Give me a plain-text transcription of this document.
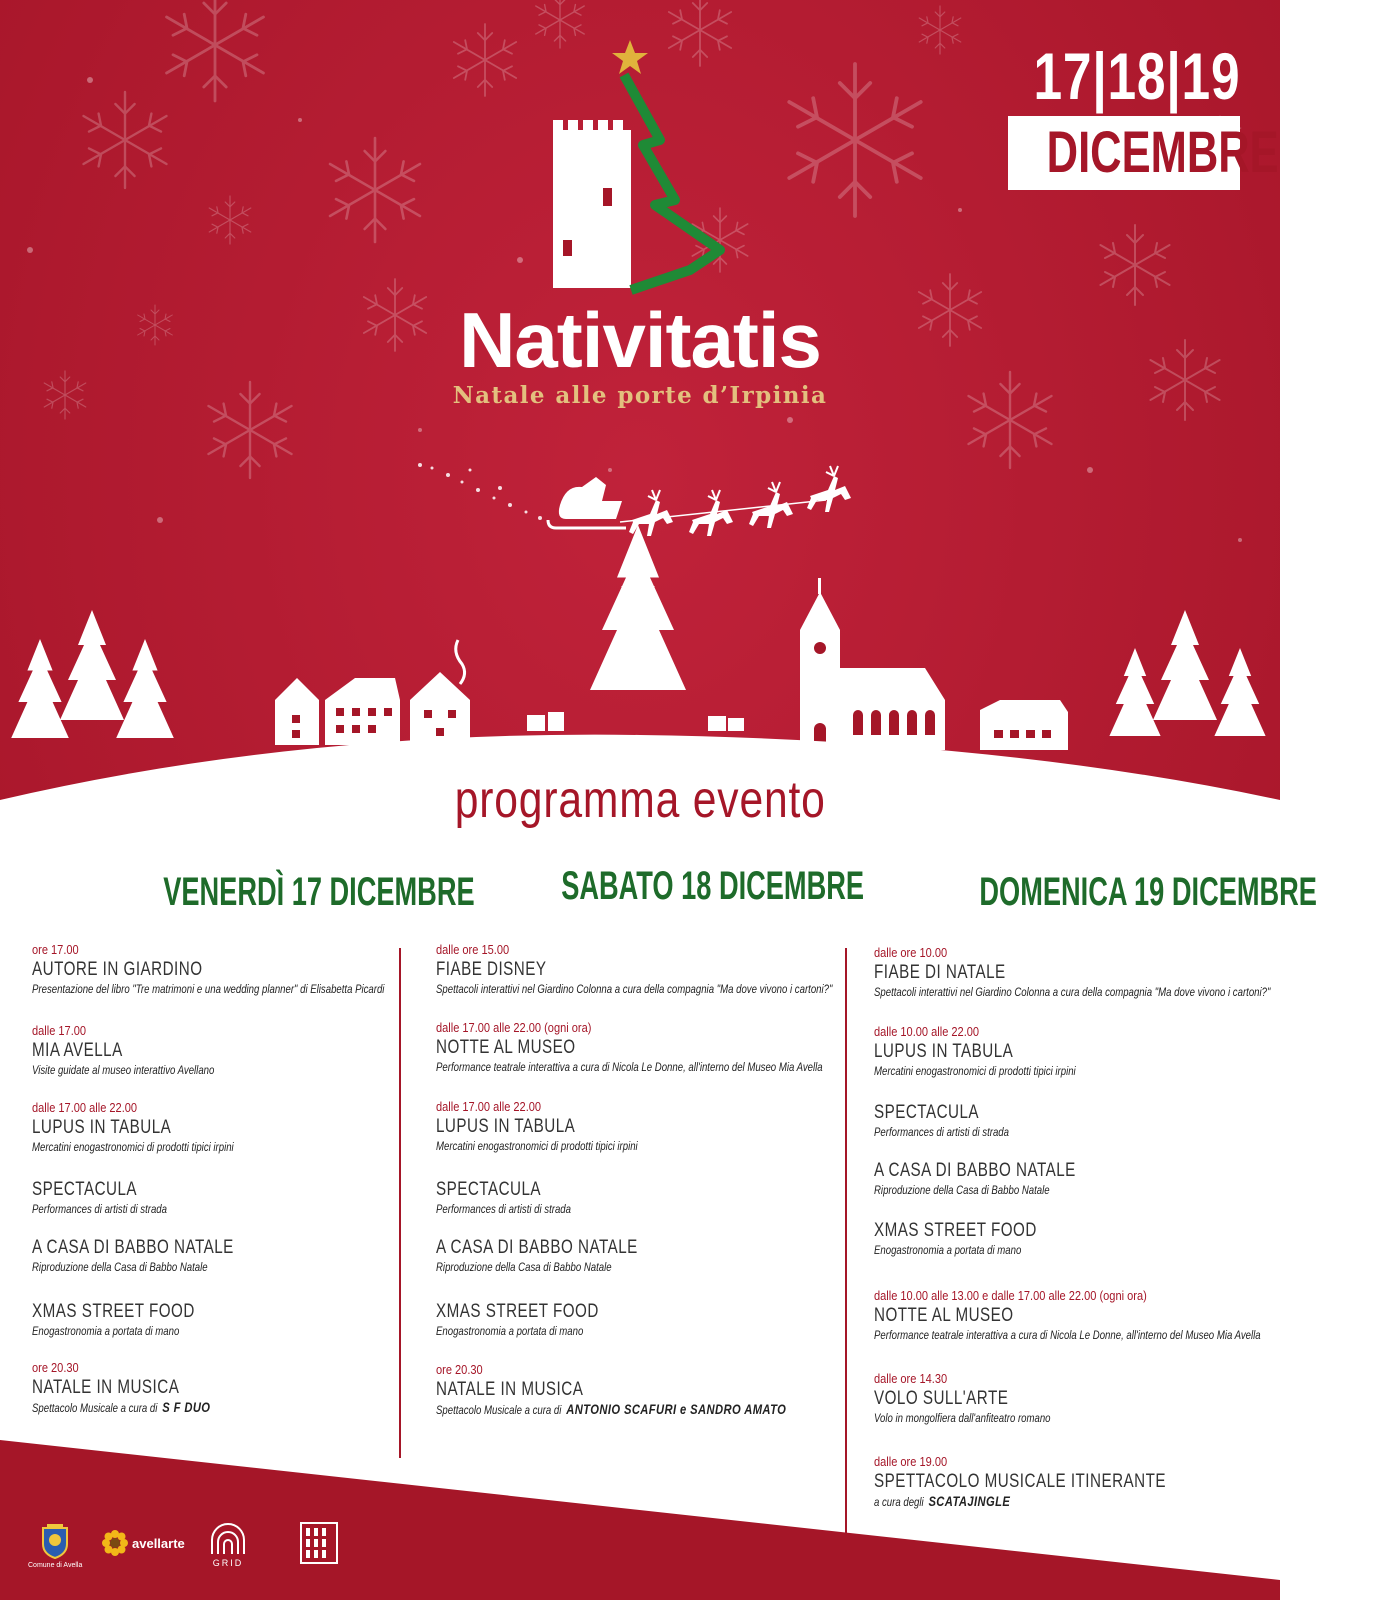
17|18|19
DICEMBRE
Nativitatis
Natale alle porte d’Irpinia
programma evento
VENERDÌ 17 DICEMBRE	SABATO 18 DICEMBRE	DOMENICA 19 DICEMBRE
ore 17.00
AUTORE IN GIARDINO
Presentazione del libro "Tre matrimoni e una wedding planner" di Elisabetta Picardi
dalle 17.00
MIA AVELLA
Visite guidate al museo interattivo Avellano
dalle 17.00 alle 22.00
LUPUS IN TABULA
Mercatini enogastronomici di prodotti tipici irpini
SPECTACULA
Performances di artisti di strada
A CASA DI BABBO NATALE
Riproduzione della Casa di Babbo Natale
XMAS STREET FOOD
Enogastronomia a portata di mano
ore 20.30
NATALE IN MUSICA
Spettacolo Musicale a cura di S F DUO
dalle ore 15.00
FIABE DISNEY
Spettacoli interattivi nel Giardino Colonna a cura della compagnia "Ma dove vivono i cartoni?"
dalle 17.00 alle 22.00 (ogni ora)
NOTTE AL MUSEO
Performance teatrale interattiva a cura di Nicola Le Donne, all'interno del Museo Mia Avella
dalle 17.00 alle 22.00
LUPUS IN TABULA
Mercatini enogastronomici di prodotti tipici irpini
SPECTACULA
Performances di artisti di strada
A CASA DI BABBO NATALE
Riproduzione della Casa di Babbo Natale
XMAS STREET FOOD
Enogastronomia a portata di mano
ore 20.30
NATALE IN MUSICA
Spettacolo Musicale a cura di ANTONIO SCAFURI e SANDRO AMATO
dalle ore 10.00
FIABE DI NATALE
Spettacoli interattivi nel Giardino Colonna a cura della compagnia "Ma dove vivono i cartoni?"
dalle 10.00 alle 22.00
LUPUS IN TABULA
Mercatini enogastronomici di prodotti tipici irpini
SPECTACULA
Performances di artisti di strada
A CASA DI BABBO NATALE
Riproduzione della Casa di Babbo Natale
XMAS STREET FOOD
Enogastronomia a portata di mano
dalle 10.00 alle 13.00 e dalle 17.00 alle 22.00 (ogni ora)
NOTTE AL MUSEO
Performance teatrale interattiva a cura di Nicola Le Donne, all'interno del Museo Mia Avella
dalle ore 14.30
VOLO SULL'ARTE
Volo in mongolfiera dall'anfiteatro romano
dalle ore 19.00
SPETTACOLO MUSICALE ITINERANTE
a cura degli SCATAJINGLE
Comune di Avella
avellarte
GRID
